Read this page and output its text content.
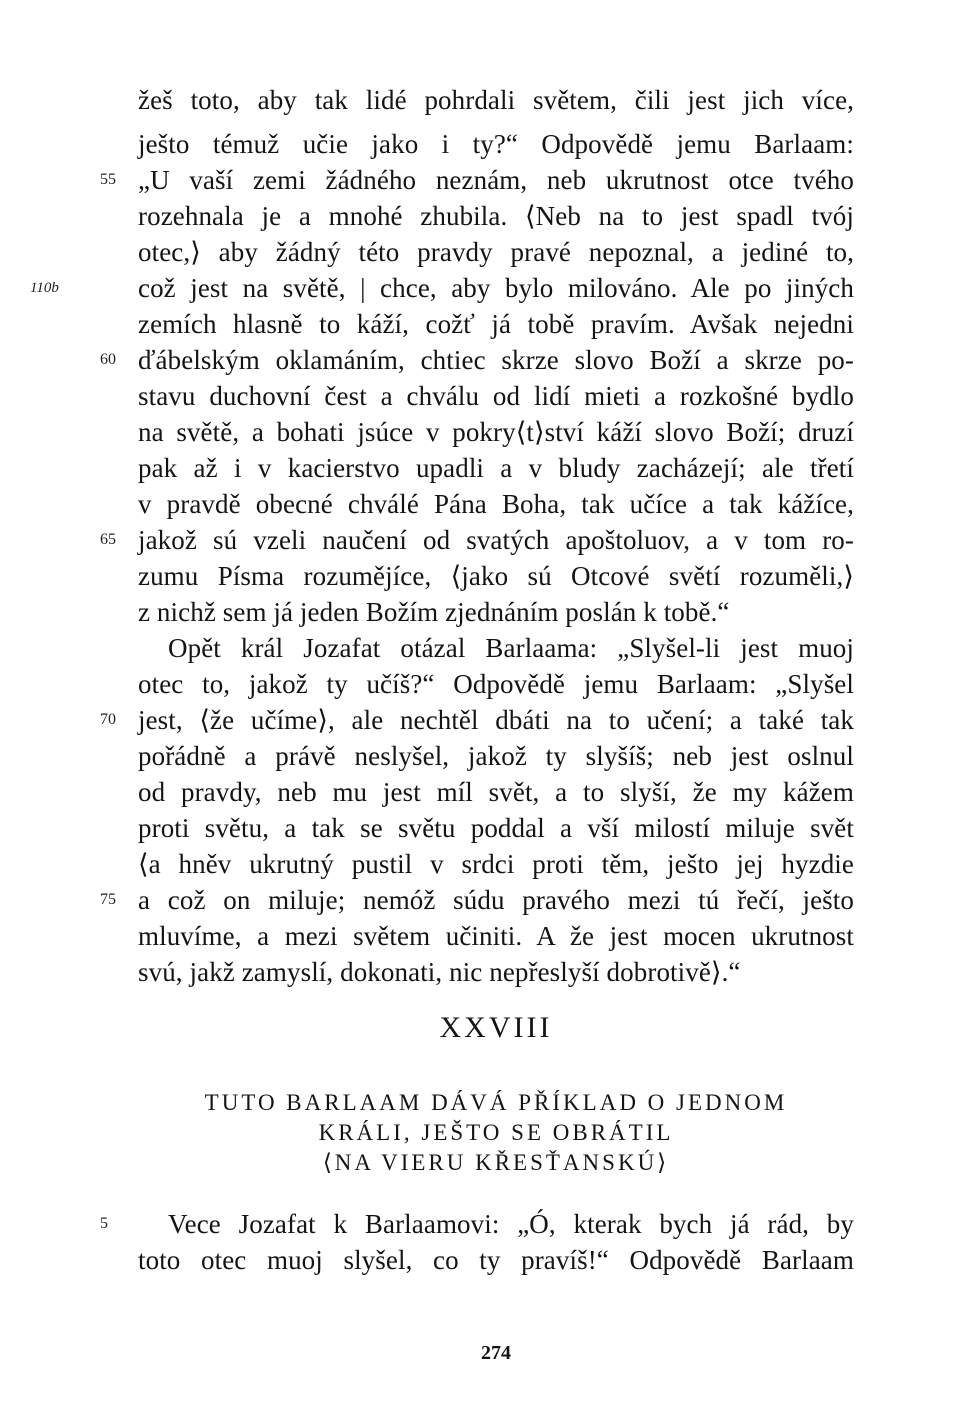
žeš toto, aby tak lidé pohrdali světem, čili jest jich více,
ješto témuž učie jako i ty?“ Odpovědě jemu Barlaam:
55 „U vaší zemi žádného neznám, neb ukrutnost otce tvého
rozehnala je a mnohé zhubila. ⟨Neb na to jest spadl tvój
otec,⟩ aby žádný této pravdy pravé nepoznal, a jediné to,
110b	což jest na světě, | chce, aby bylo milováno. Ale po jiných
zemích hlasně to káží, cožť já tobě pravím. Avšak nejedni
60 ďábelským oklamáním, chtiec skrze slovo Boží a skrze po-
stavu duchovní čest a chválu od lidí mieti a rozkošné bydlo
na světě, a bohati jsúce v pokry⟨t⟩ství káží slovo Boží; druzí
pak až i v kacierstvo upadli a v bludy zacházejí; ale třetí
v pravdě obecné chválé Pána Boha, tak učíce a tak kážíce,
65 jakož sú vzeli naučení od svatých apoštoluov, a v tom ro-
zumu Písma rozumějíce, ⟨jako sú Otcové světí rozuměli,⟩
z nichž sem já jeden Božím zjednáním poslán k tobě.“
Opět král Jozafat otázal Barlaama: „Slyšel-li jest muoj
otec to, jakož ty učíš?“ Odpovědě jemu Barlaam: „Slyšel
70 jest, ⟨že učíme⟩, ale nechtěl dbáti na to učení; a také tak
pořádně a právě neslyšel, jakož ty slyšíš; neb jest oslnul
od pravdy, neb mu jest míl svět, a to slyší, že my kážem
proti světu, a tak se světu poddal a vší milostí miluje svět
⟨a hněv ukrutný pustil v srdci proti těm, ješto jej hyzdie
75 a což on miluje; nemóž súdu pravého mezi tú řečí, ješto
mluvíme, a mezi světem učiniti. A že jest mocen ukrutnost
svú, jakž zamyslí, dokonati, nic nepřeslyší dobrotivě⟩.“
XXVIII
TUTO BARLAAM DÁVÁ PŘÍKLAD O JEDNOM
KRÁLI, JEŠTO SE OBRÁTIL
⟨NA VIERU KŘESŤANSKÚ⟩
5	Vece Jozafat k Barlaamovi: „Ó, kterak bych já rád, by
toto otec muoj slyšel, co ty pravíš!“ Odpovědě Barlaam
274
